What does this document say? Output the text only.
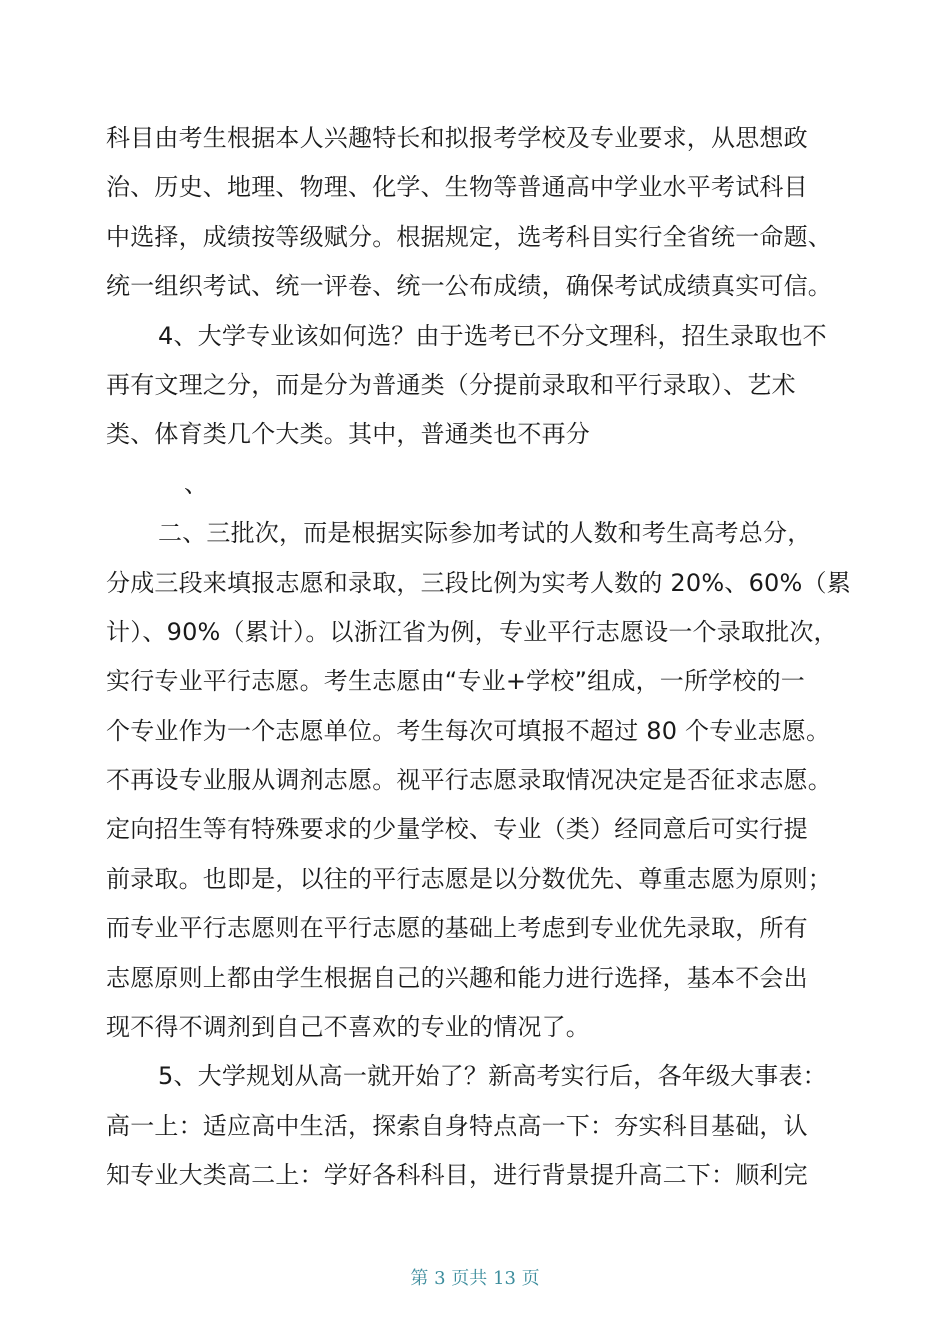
科目由考生根据本人兴趣特长和拟报考学校及专业要求，从思想政
治、历史、地理、物理、化学、生物等普通高中学业水平考试科目
中选择，成绩按等级赋分。根据规定，选考科目实行全省统一命题、
统一组织考试、统一评卷、统一公布成绩，确保考试成绩真实可信。
4、大学专业该如何选？由于选考已不分文理科，招生录取也不
再有文理之分，而是分为普通类（分提前录取和平行录取）、艺术
类、体育类几个大类。其中，普通类也不再分
、
二、三批次，而是根据实际参加考试的人数和考生高考总分，
分成三段来填报志愿和录取，三段比例为实考人数的 20%、60%（累
计）、90%（累计）。以浙江省为例，专业平行志愿设一个录取批次，
实行专业平行志愿。考生志愿由“专业+学校”组成，一所学校的一
个专业作为一个志愿单位。考生每次可填报不超过 80 个专业志愿。
不再设专业服从调剂志愿。视平行志愿录取情况决定是否征求志愿。
定向招生等有特殊要求的少量学校、专业（类）经同意后可实行提
前录取。也即是，以往的平行志愿是以分数优先、尊重志愿为原则；
而专业平行志愿则在平行志愿的基础上考虑到专业优先录取，所有
志愿原则上都由学生根据自己的兴趣和能力进行选择，基本不会出
现不得不调剂到自己不喜欢的专业的情况了。
5、大学规划从高一就开始了？新高考实行后，各年级大事表：
高一上：适应高中生活，探索自身特点高一下：夯实科目基础，认
知专业大类高二上：学好各科科目，进行背景提升高二下：顺利完
第 3 页共 13 页
